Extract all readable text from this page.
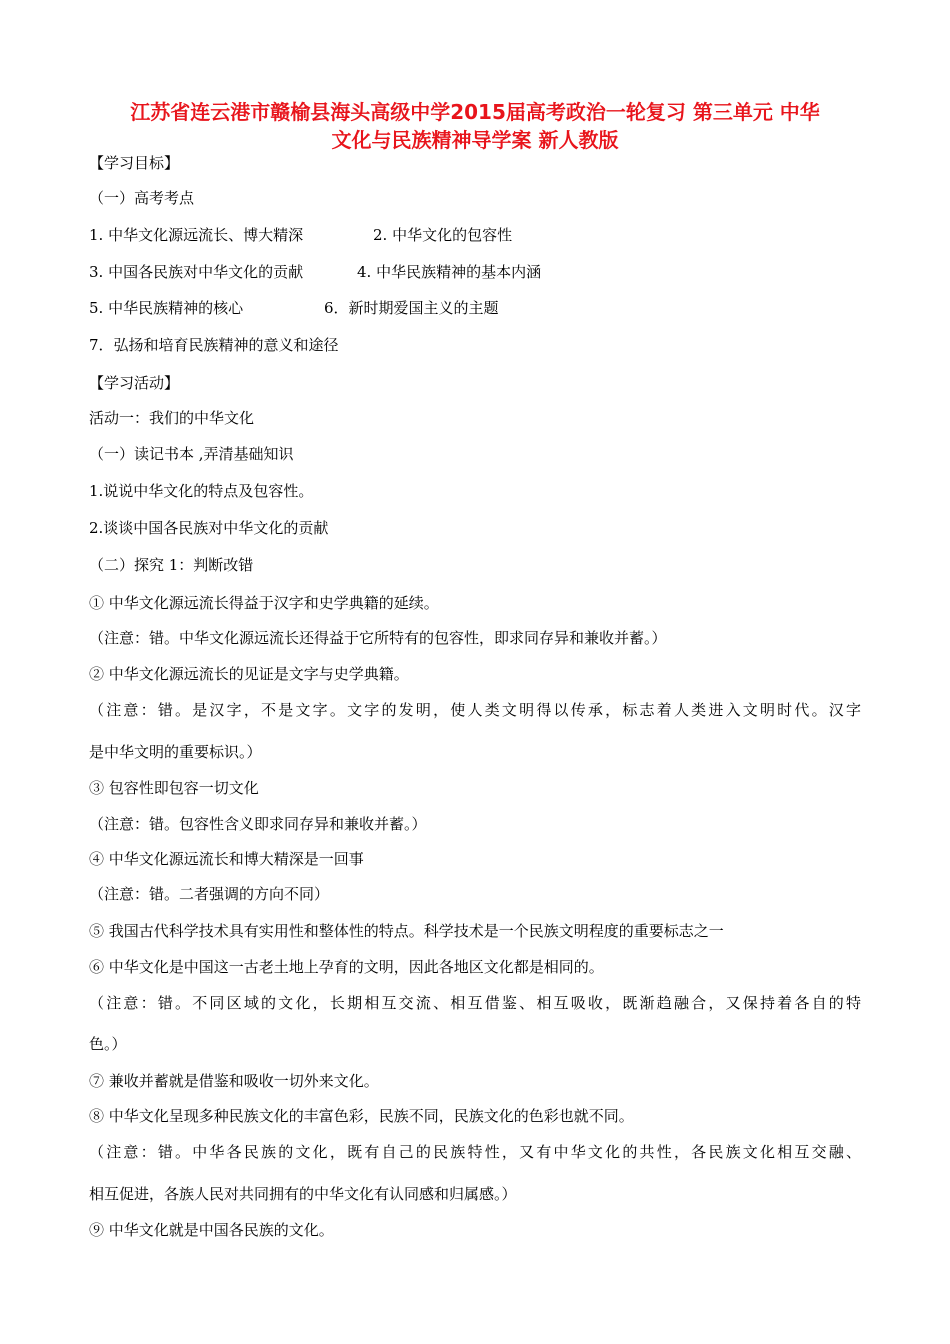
江苏省连云港市赣榆县海头高级中学2015届高考政治一轮复习 第三单元 中华
文化与民族精神导学案 新人教版
【学习目标】
（一）高考考点
1. 中华文化源远流长、博大精深	2. 中华文化的包容性
3. 中国各民族对中华文化的贡献	4. 中华民族精神的基本内涵
5. 中华民族精神的核心	6．新时期爱国主义的主题
7．弘扬和培育民族精神的意义和途径
【学习活动】
活动一：我们的中华文化
（一）读记书本 ,弄清基础知识
1.说说中华文化的特点及包容性。
2.谈谈中国各民族对中华文化的贡献
（二）探究 1：判断改错
① 中华文化源远流长得益于汉字和史学典籍的延续。
（注意：错。中华文化源远流长还得益于它所特有的包容性，即求同存异和兼收并蓄。）
② 中华文化源远流长的见证是文字与史学典籍。
（注意：错。是汉字，不是文字。文字的发明，使人类文明得以传承，标志着人类进入文明时代。汉字
是中华文明的重要标识。）
③ 包容性即包容一切文化
（注意：错。包容性含义即求同存异和兼收并蓄。）
④ 中华文化源远流长和博大精深是一回事
（注意：错。二者强调的方向不同）
⑤ 我国古代科学技术具有实用性和整体性的特点。科学技术是一个民族文明程度的重要标志之一
⑥ 中华文化是中国这一古老土地上孕育的文明，因此各地区文化都是相同的。
（注意：错。不同区域的文化，长期相互交流、相互借鉴、相互吸收，既渐趋融合，又保持着各自的特
色。）
⑦ 兼收并蓄就是借鉴和吸收一切外来文化。
⑧ 中华文化呈现多种民族文化的丰富色彩，民族不同，民族文化的色彩也就不同。
（注意：错。中华各民族的文化，既有自己的民族特性，又有中华文化的共性，各民族文化相互交融、
相互促进，各族人民对共同拥有的中华文化有认同感和归属感。）
⑨ 中华文化就是中国各民族的文化。
